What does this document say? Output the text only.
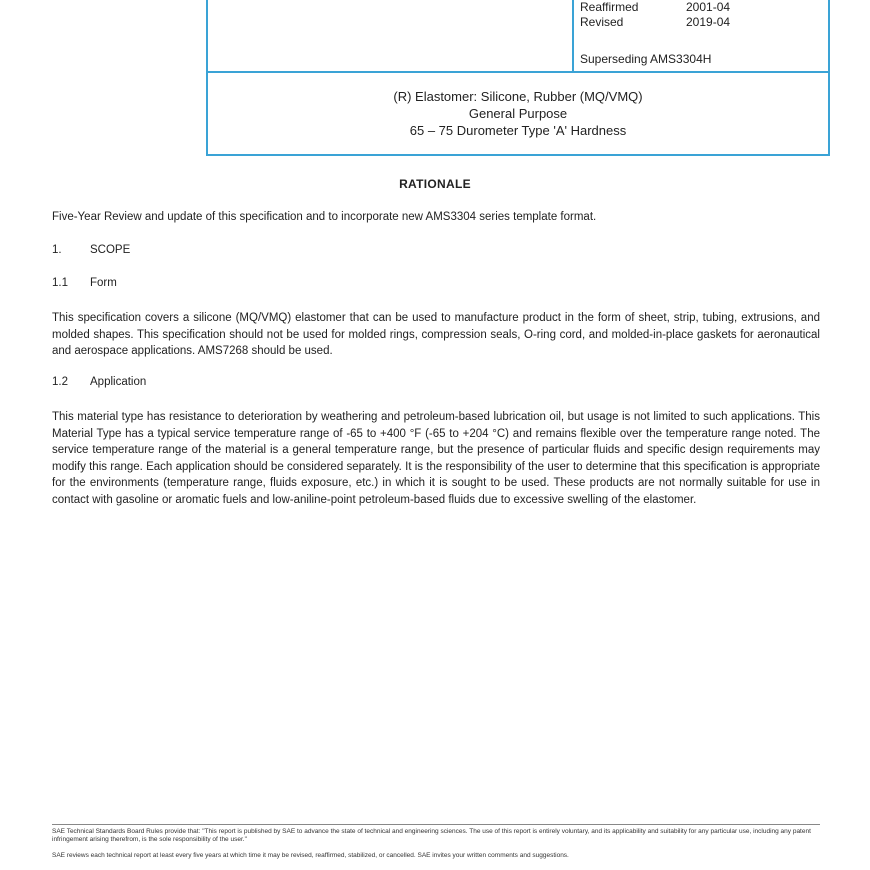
Reaffirmed	2001-04
Revised	2019-04
Superseding AMS3304H
(R) Elastomer: Silicone, Rubber (MQ/VMQ)
General Purpose
65 – 75 Durometer Type 'A' Hardness
RATIONALE
Five-Year Review and update of this specification and to incorporate new AMS3304 series template format.
1.	SCOPE
1.1	Form
This specification covers a silicone (MQ/VMQ) elastomer that can be used to manufacture product in the form of sheet, strip, tubing, extrusions, and molded shapes. This specification should not be used for molded rings, compression seals, O-ring cord, and molded-in-place gaskets for aeronautical and aerospace applications. AMS7268 should be used.
1.2	Application
This material type has resistance to deterioration by weathering and petroleum-based lubrication oil, but usage is not limited to such applications. This Material Type has a typical service temperature range of -65 to +400 °F (-65 to +204 °C) and remains flexible over the temperature range noted. The service temperature range of the material is a general temperature range, but the presence of particular fluids and specific design requirements may modify this range. Each application should be considered separately. It is the responsibility of the user to determine that this specification is appropriate for the environments (temperature range, fluids exposure, etc.) in which it is sought to be used. These products are not normally suitable for use in contact with gasoline or aromatic fuels and low-aniline-point petroleum-based fluids due to excessive swelling of the elastomer.
SAE Technical Standards Board Rules provide that: "This report is published by SAE to advance the state of technical and engineering sciences. The use of this report is entirely voluntary, and its applicability and suitability for any particular use, including any patent infringement arising therefrom, is the sole responsibility of the user."
SAE reviews each technical report at least every five years at which time it may be revised, reaffirmed, stabilized, or cancelled. SAE invites your written comments and suggestions.
